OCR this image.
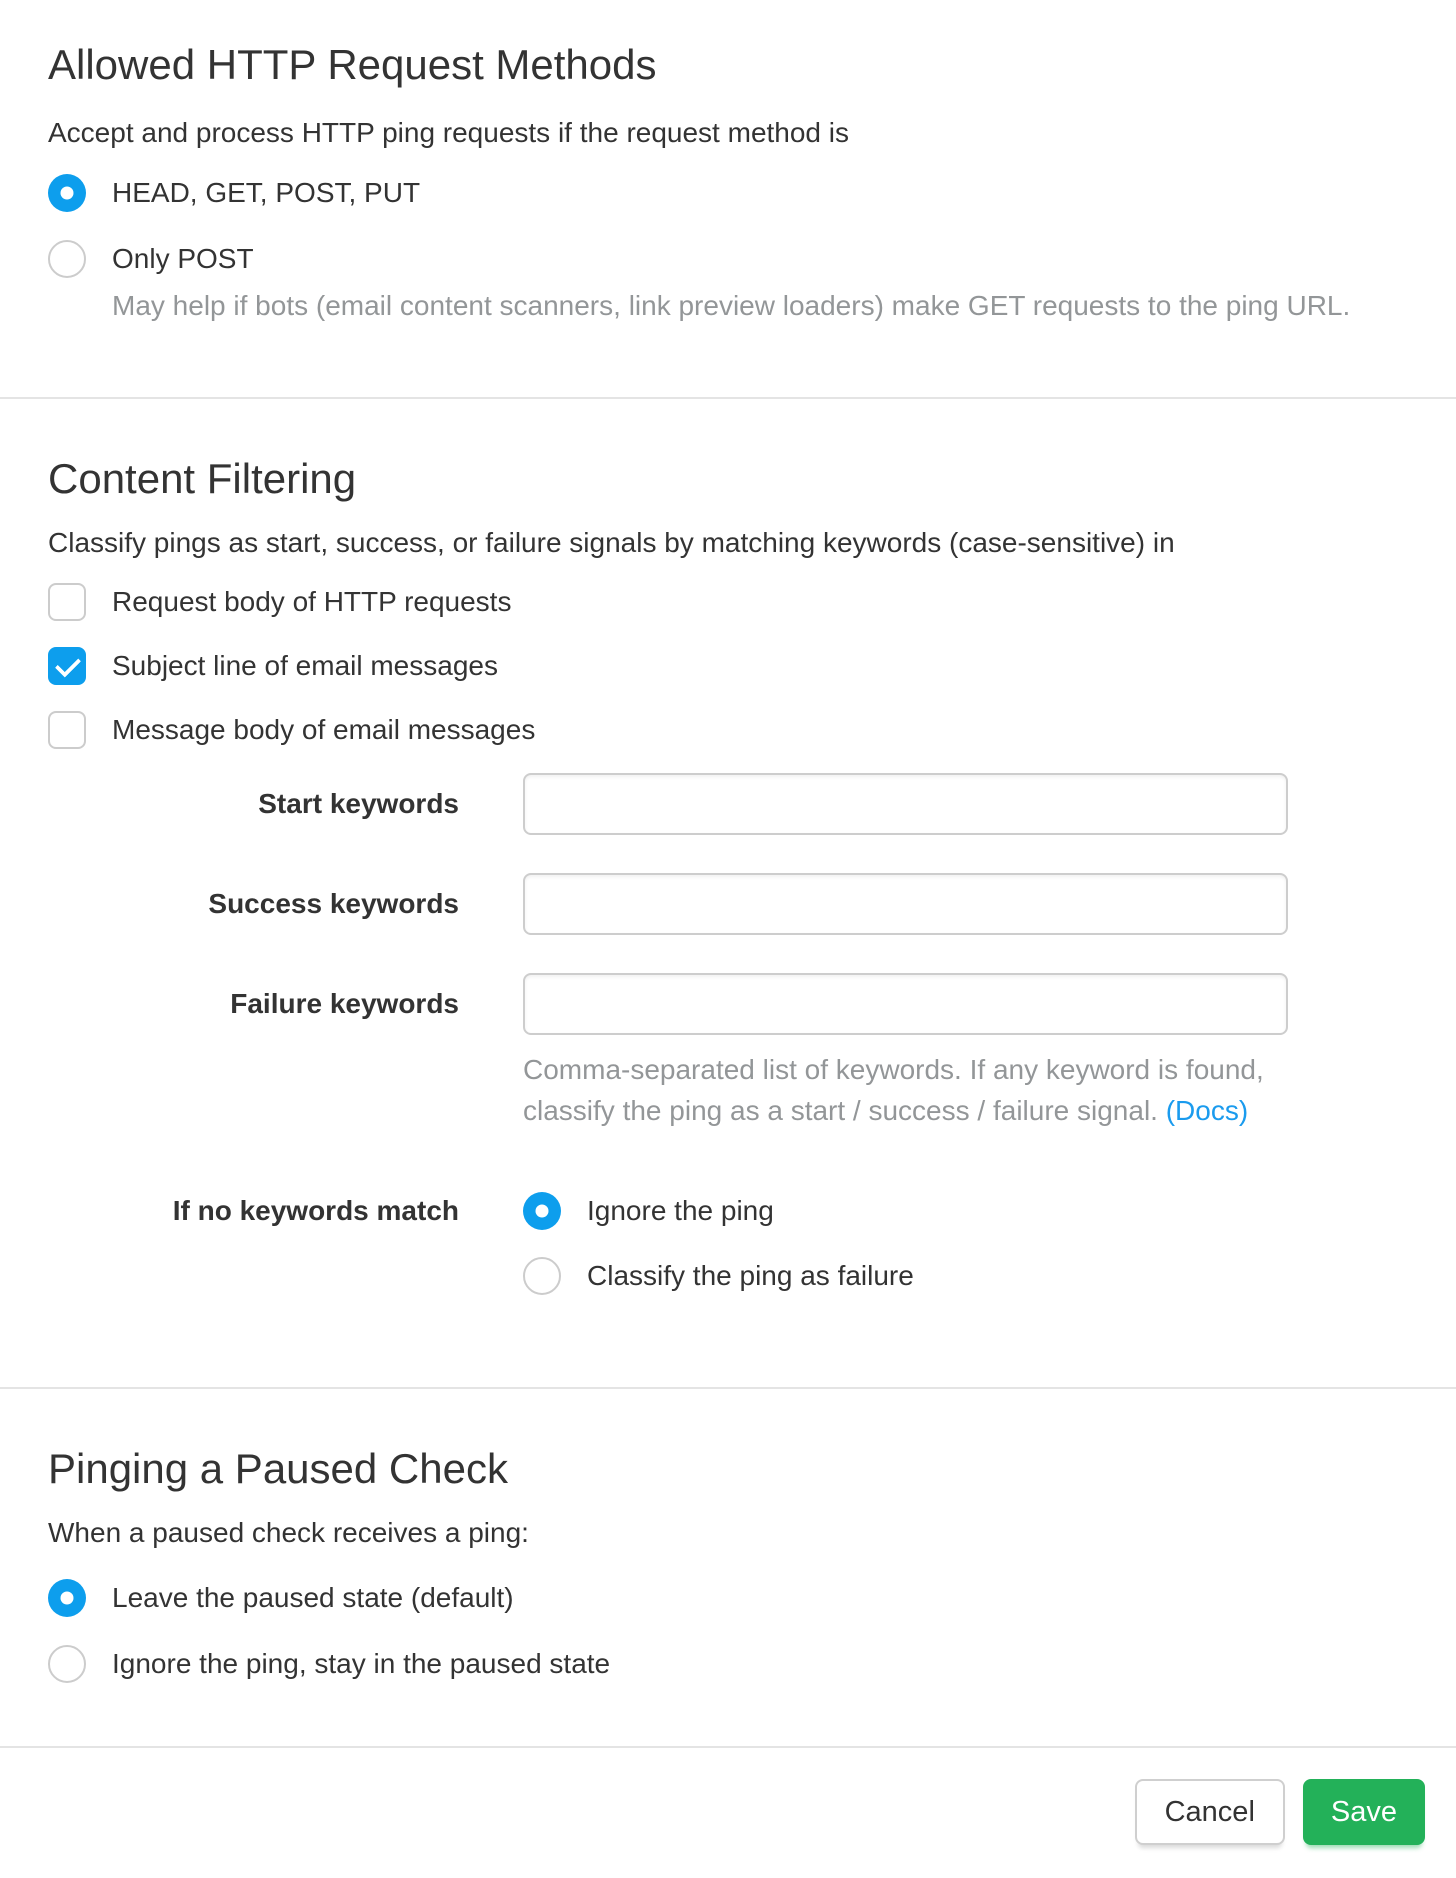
Allowed HTTP Request Methods

Accept and process HTTP ping requests if the request method is

HEAD, GET, POST, PUT
Only POST

May help if bots (email content scanners, link preview loaders) make GET requests to the ping URL.

Content Filtering

Classify pings as start, success, or failure signals by matching keywords (case-sensitive) in

Request body of HTTP requests
Subject line of email messages
Message body of email messages
Start keywords
Success keywords
Failure keywords

Comma-separated list of keywords. If any keyword is found, classify the ping as a start / success / failure signal. (Docs)

If no keywords match	Ignore the ping
Classify the ping as failure
Pinging a Paused Check

When a paused check receives a ping:

Leave the paused state (default)
Ignore the ping, stay in the paused state
Cancel	Save
